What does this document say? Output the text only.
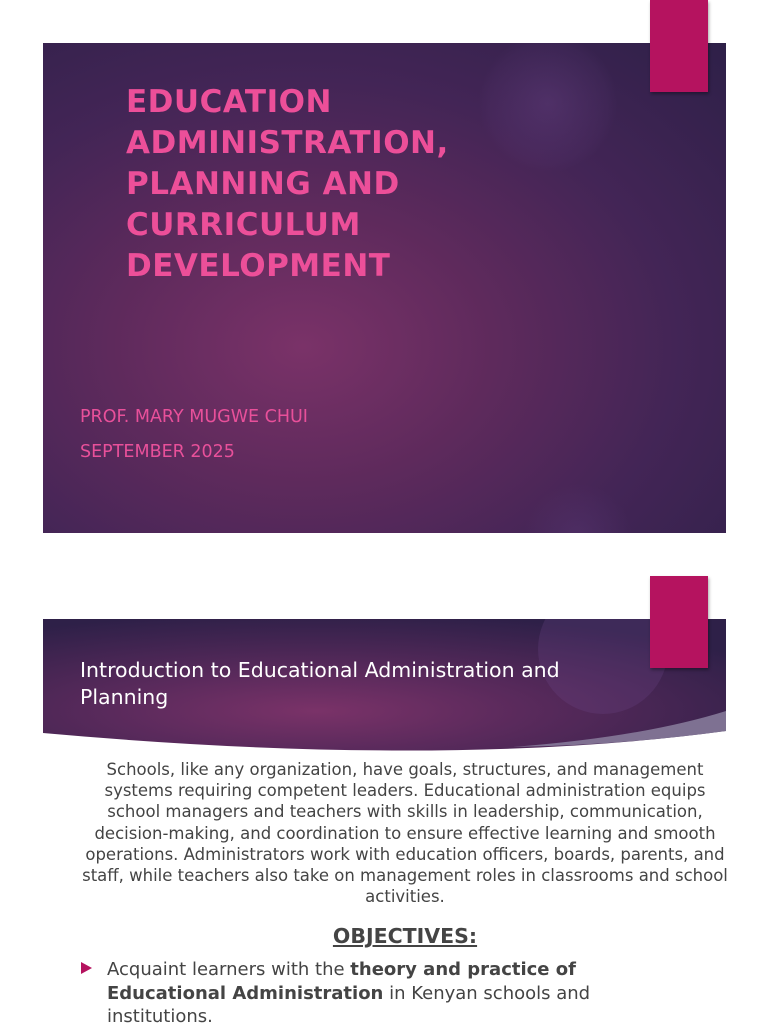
EDUCATION ADMINISTRATION, PLANNING AND CURRICULUM DEVELOPMENT

PROF. MARY MUGWE CHUI

SEPTEMBER 2025

Introduction to Educational Administration and Planning

Schools, like any organization, have goals, structures, and management systems requiring competent leaders. Educational administration equips school managers and teachers with skills in leadership, communication, decision-making, and coordination to ensure effective learning and smooth operations. Administrators work with education officers, boards, parents, and staff, while teachers also take on management roles in classrooms and school activities.

OBJECTIVES:

Acquaint learners with the theory and practice of Educational Administration in Kenyan schools and institutions.
